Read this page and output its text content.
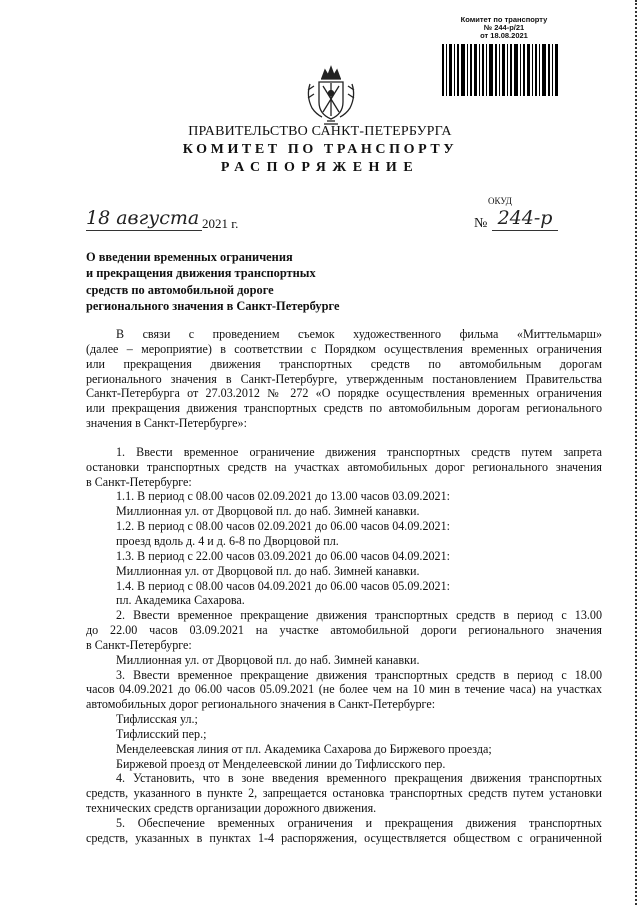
Комитет по транспорту
№ 244-р/21
от 18.08.2021
ПРАВИТЕЛЬСТВО САНКТ-ПЕТЕРБУРГА
КОМИТЕТ ПО ТРАНСПОРТУ
РАСПОРЯЖЕНИЕ
ОКУД
18 августа 2021 г.	№ 244-р
О введении временных ограничения
и прекращения движения транспортных
средств по автомобильной дороге
регионального значения в Санкт-Петербурге

В связи с проведением съемок художественного фильма «Миттельмарш»

(далее – мероприятие) в соответствии с Порядком осуществления временных ограничения

или прекращения движения транспортных средств по автомобильным дорогам

регионального значения в Санкт-Петербурге, утвержденным постановлением Правительства

Санкт-Петербурга от 27.03.2012 № 272 «О порядке осуществления временных ограничения

или прекращения движения транспортных средств по автомобильным дорогам регионального

значения в Санкт-Петербурге»:

1. Ввести временное ограничение движения транспортных средств путем запрета

остановки транспортных средств на участках автомобильных дорог регионального значения

в Санкт-Петербурге:

1.1. В период с 08.00 часов 02.09.2021 до 13.00 часов 03.09.2021:

Миллионная ул. от Дворцовой пл. до наб. Зимней канавки.

1.2. В период с 08.00 часов 02.09.2021 до 06.00 часов 04.09.2021:

проезд вдоль д. 4 и д. 6-8 по Дворцовой пл.

1.3. В период с 22.00 часов 03.09.2021 до 06.00 часов 04.09.2021:

Миллионная ул. от Дворцовой пл. до наб. Зимней канавки.

1.4. В период с 08.00 часов 04.09.2021 до 06.00 часов 05.09.2021:

пл. Академика Сахарова.

2. Ввести временное прекращение движения транспортных средств в период с 13.00

до 22.00 часов 03.09.2021 на участке автомобильной дороги регионального значения

в Санкт-Петербурге:

Миллионная ул. от Дворцовой пл. до наб. Зимней канавки.

3. Ввести временное прекращение движения транспортных средств в период с 18.00

часов 04.09.2021 до 06.00 часов 05.09.2021 (не более чем на 10 мин в течение часа) на участках

автомобильных дорог регионального значения в Санкт-Петербурге:

Тифлисская ул.;

Тифлисский пер.;

Менделеевская линия от пл. Академика Сахарова до Биржевого проезда;

Биржевой проезд от Менделеевской линии до Тифлисского пер.

4. Установить, что в зоне введения временного прекращения движения транспортных

средств, указанного в пункте 2, запрещается остановка транспортных средств путем установки

технических средств организации дорожного движения.

5. Обеспечение временных ограничения и прекращения движения транспортных

средств, указанных в пунктах 1-4 распоряжения, осуществляется обществом с ограниченной
